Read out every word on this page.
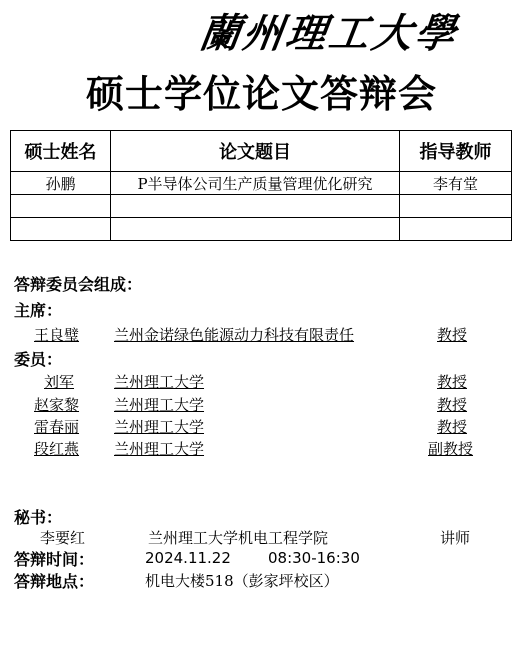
蘭州理工大學
硕士学位论文答辩会
硕士姓名	论文题目	指导教师
孙鹏	P半导体公司生产质量管理优化研究	李有堂

答辩委员会组成：
主席：
王良璧 兰州金诺绿色能源动力科技有限责任	教授
委员：
刘军	兰州理工大学	教授
赵家黎 兰州理工大学	教授
雷春丽 兰州理工大学	教授
段红燕 兰州理工大学	副教授
秘书：
李要红	兰州理工大学机电工程学院	讲师
答辩时间：	2024.11.22 08:30-16:30
答辩地点：	机电大楼518（彭家坪校区）
